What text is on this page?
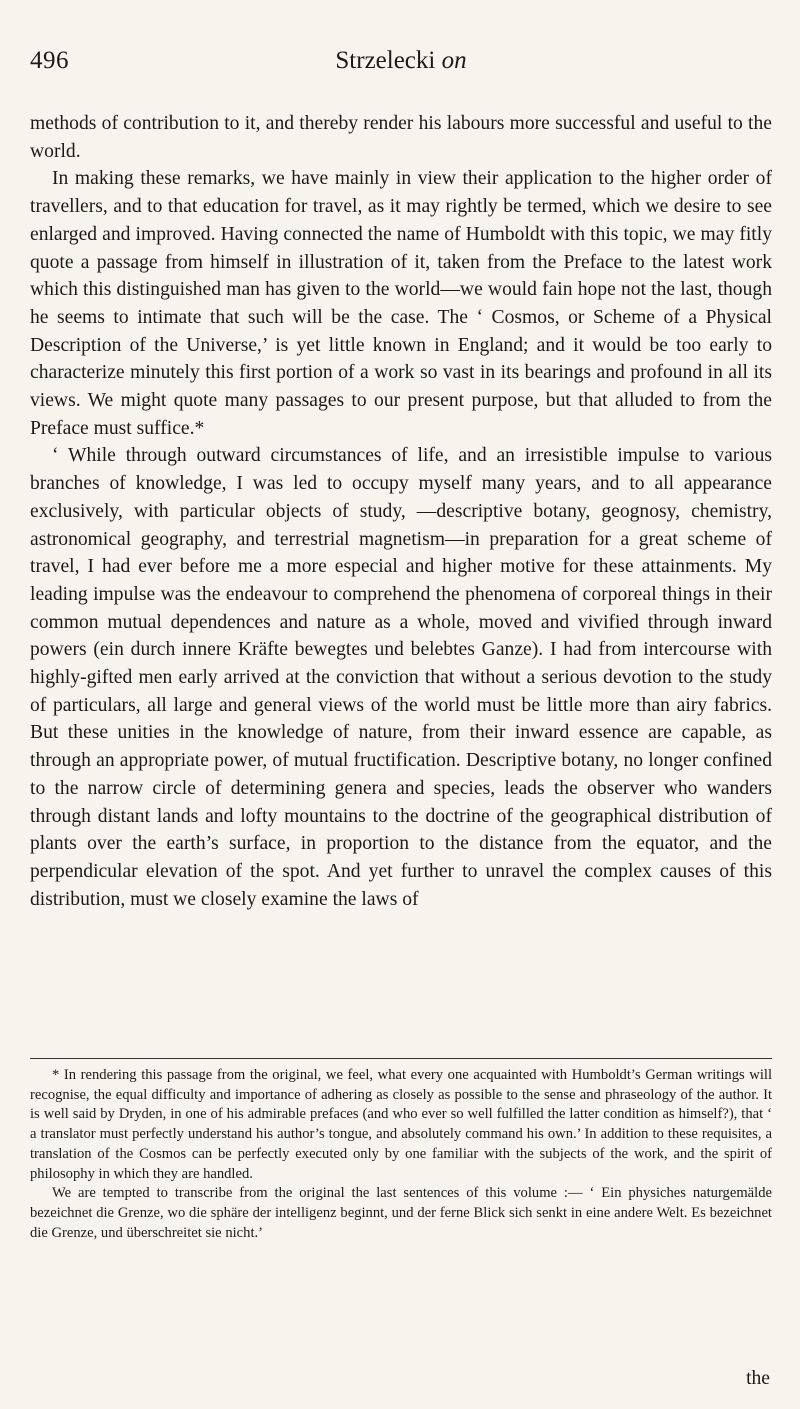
496	Strzelecki on

methods of contribution to it, and thereby render his labours more successful and useful to the world.

In making these remarks, we have mainly in view their application to the higher order of travellers, and to that education for travel, as it may rightly be termed, which we desire to see enlarged and improved. Having connected the name of Humboldt with this topic, we may fitly quote a passage from himself in illustration of it, taken from the Preface to the latest work which this distinguished man has given to the world—we would fain hope not the last, though he seems to intimate that such will be the case. The ‘ Cosmos, or Scheme of a Physical Description of the Universe,’ is yet little known in England; and it would be too early to characterize minutely this first portion of a work so vast in its bearings and profound in all its views. We might quote many passages to our present purpose, but that alluded to from the Preface must suffice.*

‘ While through outward circumstances of life, and an irresistible impulse to various branches of knowledge, I was led to occupy myself many years, and to all appearance exclusively, with particular objects of study, —descriptive botany, geognosy, chemistry, astronomical geography, and terrestrial magnetism—in preparation for a great scheme of travel, I had ever before me a more especial and higher motive for these attainments. My leading impulse was the endeavour to comprehend the phenomena of corporeal things in their common mutual dependences and nature as a whole, moved and vivified through inward powers (ein durch innere Kräfte bewegtes und belebtes Ganze). I had from intercourse with highly-gifted men early arrived at the conviction that without a serious devotion to the study of particulars, all large and general views of the world must be little more than airy fabrics. But these unities in the knowledge of nature, from their inward essence are capable, as through an appropriate power, of mutual fructification. Descriptive botany, no longer confined to the narrow circle of determining genera and species, leads the observer who wanders through distant lands and lofty mountains to the doctrine of the geographical distribution of plants over the earth’s surface, in proportion to the distance from the equator, and the perpendicular elevation of the spot. And yet further to unravel the complex causes of this distribution, must we closely examine the laws of

* In rendering this passage from the original, we feel, what every one acquainted with Humboldt’s German writings will recognise, the equal difficulty and importance of adhering as closely as possible to the sense and phraseology of the author. It is well said by Dryden, in one of his admirable prefaces (and who ever so well fulfilled the latter condition as himself?), that ‘ a translator must perfectly understand his author’s tongue, and absolutely command his own.’ In addition to these requisites, a translation of the Cosmos can be perfectly executed only by one familiar with the subjects of the work, and the spirit of philosophy in which they are handled.

We are tempted to transcribe from the original the last sentences of this volume :— ‘ Ein physiches naturgemälde bezeichnet die Grenze, wo die sphäre der intelligenz beginnt, und der ferne Blick sich senkt in eine andere Welt. Es bezeichnet die Grenze, und überschreitet sie nicht.’

the
